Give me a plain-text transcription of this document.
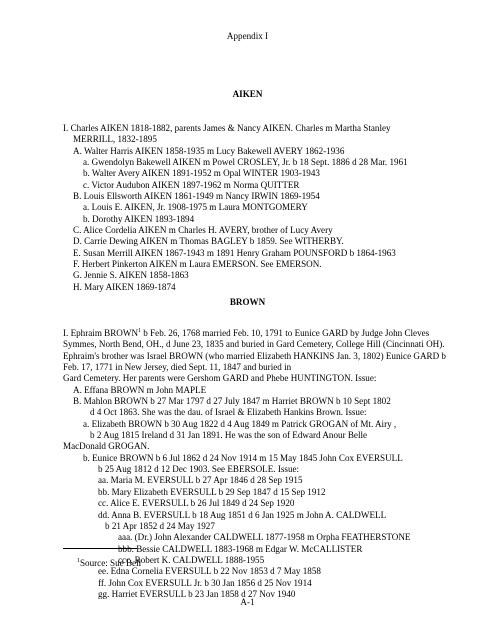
Appendix I
AIKEN
I. Charles AIKEN 1818-1882, parents James & Nancy AIKEN. Charles m Martha Stanley
MERRILL, 1832-1895
A. Walter Harris AIKEN 1858-1935 m Lucy Bakewell AVERY 1862-1936
a. Gwendolyn Bakewell AIKEN m Powel CROSLEY, Jr. b 18 Sept. 1886 d 28 Mar. 1961
b. Walter Avery AIKEN 1891-1952 m Opal WINTER 1903-1943
c. Victor Audubon AIKEN 1897-1962 m Norma QUITTER
B. Louis Ellsworth AIKEN 1861-1949 m Nancy IRWIN 1869-1954
a. Louis E. AIKEN, Jr. 1908-1975 m Laura MONTGOMERY
b. Dorothy AIKEN 1893-1894
C. Alice Cordelia AIKEN m Charles H. AVERY, brother of Lucy Avery
D. Carrie Dewing AIKEN m Thomas BAGLEY b 1859. See WITHERBY.
E. Susan Merrill AIKEN 1867-1943 m 1891 Henry Graham POUNSFORD b 1864-1963
F. Herbert Pinkerton AIKEN m Laura EMERSON. See EMERSON.
G. Jennie S. AIKEN 1858-1863
H. Mary AIKEN 1869-1874
BROWN
I. Ephraim BROWN$^1$ b Feb. 26, 1768 married Feb. 10, 1791 to Eunice GARD by Judge John Cleves
Symmes, North Bend, OH., d June 23, 1835 and buried in Gard Cemetery, College Hill (Cincinnati OH).
Ephraim's brother was Israel BROWN (who married Elizabeth HANKINS Jan. 3, 1802) Eunice GARD b
Feb. 17, 1771 in New Jersey, died Sept. 11, 1847 and buried in
Gard Cemetery. Her parents were Gershom GARD and Phebe HUNTINGTON. Issue:
A. Effana BROWN m John MAPLE
B. Mahlon BROWN b 27 Mar 1797 d 27 July 1847 m Harriet BROWN b 10 Sept 1802
d 4 Oct 1863. She was the dau. of Israel & Elizabeth Hankins Brown. Issue:
a. Elizabeth BROWN b 30 Aug 1822 d 4 Aug 1849 m Patrick GROGAN of Mt. Airy ,
b 2 Aug 1815 Ireland d 31 Jan 1891. He was the son of Edward Anour Belle
MacDonald GROGAN.
b. Eunice BROWN b 6 Jul 1862 d 24 Nov 1914 m 15 May 1845 John Cox EVERSULL
b 25 Aug 1812 d 12 Dec 1903. See EBERSOLE. Issue:
aa. Maria M. EVERSULL b 27 Apr 1846 d 28 Sep 1915
bb. Mary Elizabeth EVERSULL b 29 Sep 1847 d 15 Sep 1912
cc. Alice E. EVERSULL b 26 Jul 1849 d 24 Sep 1920
dd. Anna B. EVERSULL b 18 Aug 1851 d 6 Jan 1925 m John A. CALDWELL
b 21 Apr 1852 d 24 May 1927
aaa. (Dr.) John Alexander CALDWELL 1877-1958 m Orpha FEATHERSTONE
bbb. Bessie CALDWELL 1883-1968 m Edgar W. McCALLISTER
ccc. Robert K. CALDWELL 1888-1955
ee. Edna Cornelia EVERSULL b 22 Nov 1853 d 7 May 1858
ff. John Cox EVERSULL Jr. b 30 Jan 1856 d 25 Nov 1914
gg. Harriet EVERSULL b 23 Jan 1858 d 27 Nov 1940
$^1$Source: Sue Bell
A-1
